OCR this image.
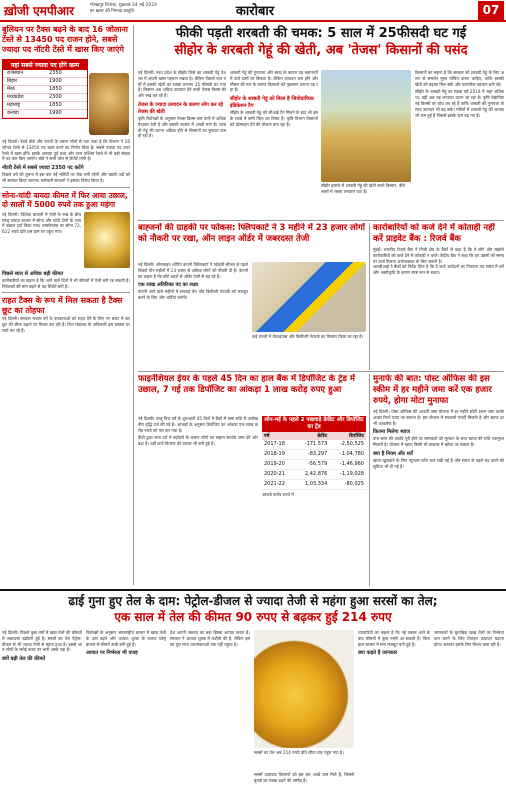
ख़ोजी एमपीआर	गोरखपुर दिनांक, शुक्रवार 24 मई 2024
हर ख़बर की निष्पक्ष प्रस्तुति	कारोबार	07
बुलियन पर टैक्स बढ़ने के बाद 16 जोलाना टेंस्ते से 13450 पद राजन होने, सबसे ज्यादा पद नॉटरी टेंस्ते में खास किए जाएंगे
यहां सबसे ज्यादा पद होंगे खत्म
राजस्थान	2350
बिहार	1900
मेरठ	1850
मध्यप्रदेश	2300
महाराष्ट्र	1850
कनाडा	1990
नई दिल्ली। रेलवे बोर्ड और राज्यों के तमाम जोनों से पता चला है कि विभाग ने 16 जोनल रेलवे से 13450 पद खत्म करने का निर्णय लिया है। सबसे ज्यादा पद उत्तर रेलवे में खत्म होंगे। इसके अलावा पूर्व मध्य और उत्तर पश्चिम रेलवे में भी बड़ी संख्या में पद कम किए जाएंगे। बोर्ड ने सभी जोन से रिपोर्ट मांगी है।
नॉटरी टेंस्ते में सबसे ज्यादा 2350 पद कटेंगे
पिछले वर्ष की तुलना में इस बार नई भर्तियों पर रोक लगी रहेगी और खाली पदों को भी समाप्त किया जाएगा। कर्मचारी संगठनों ने इसका विरोध किया है।
सोना-चांदी वायदा कीमत में फिर आया उछाल, दो सालों में 5000 रुपये तक हुआ महंगा
नई दिल्ली। वैश्विक बाजारों में तेजी के रुख के बीच घरेलू वायदा बाजार में सोना और चांदी दोनों के भाव में उछाल दर्ज किया गया। एमसीएक्स पर सोना 72,622 रुपये प्रति दस ग्राम पर पहुंच गया।
पिछले साल से अधिक बढ़ी कीमत
कारोबारियों का कहना है कि आने वाले दिनों में भी कीमतों में तेजी बनी रह सकती है। निवेशकों की मांग बढ़ने से यह स्थिति बनी है।
राहत टैक्स के रूप में मिल सकता है टैक्स छूट का तोहफा
नई दिल्ली। सरकार मध्यम वर्ग के करदाताओं को राहत देने के लिए नए बजट में कर छूट की सीमा बढ़ाने पर विचार कर रही है। वित्त मंत्रालय के अधिकारी इस प्रस्ताव पर चर्चा कर रहे हैं।
फीकी पड़ती शरबती की चमक: 5 साल में 25फीसदी घट गई
सीहोर के शरबती गेहूं की खेती, अब 'तेजस' किसानों की पसंद
नई दिल्ली। मध्य प्रदेश के सीहोर जिले का शरबती गेहूं देश भर में अपनी खास पहचान रखता है। लेकिन पिछले पांच वर्षों में इसकी खेती का रकबा लगभग 25 फीसदी घट गया है। किसान अब अधिक उत्पादन देने वाली तेजस किस्म की ओर रुख कर रहे हैं।
तेजस के ज्यादा उत्पादन के कारण लोग कर रहे तेजस की खेती
कृषि विशेषज्ञों के अनुसार तेजस किस्म कम पानी में अधिक पैदावार देती है और इसकी बाजार में अच्छी मांग है। शरबती गेहूं की लागत अधिक होने से किसानों का मुनाफा कम हो रहा है।
शरबती गेहूं की गुणवत्ता और स्वाद के कारण यह महानगरों में ऊंचे दामों पर बिकता है। लेकिन उत्पादन कम होने और मौसम की मार के कारण किसानों को नुकसान उठाना पड़ रहा है।
सीहोर के शरबती गेहूं को मिला है जियोग्राफिक इंडिकेशन टैग
सीहोर के शरबती गेहूं को जीआई टैग मिलने के बाद भी इसके रकबे में कमी चिंता का विषय है। कृषि विभाग किसानों को प्रोत्साहन देने की योजना बना रहा है।
सीहोर इलाके में शरबती गेहूं की खेती करते किसान, बीते सालों में रकबा लगातार घटा है।
किसानों का कहना है कि सरकार को शरबती गेहूं के लिए अलग से समर्थन मूल्य घोषित करना चाहिए, ताकि इसकी खेती को बढ़ावा मिल सके और पारंपरिक पहचान बनी रहे।
सीहोर के शरबती गेहूं का रकबा वर्ष 2019 में जहां अधिक था, वहीं अब यह लगातार घटता जा रहा है। कृषि वैज्ञानिक नई किस्मों पर शोध कर रहे हैं ताकि शरबती की गुणवत्ता के साथ उत्पादन भी बढ़ सके। मंडियों में शरबती गेहूं की आवक भी कम हुई है जिससे इसके दाम बढ़ गए हैं।
बाह्जनों की ग्राहकी पर फोकस: फ्लिपकार्ट ने 3 महीने में 23 हजार लोगों को नौकरी पर रखा, ऑन लाइन ऑर्डर में जबरदस्त तेजी
नई दिल्ली। ऑनलाइन शॉपिंग कंपनी फ्लिपकार्ट ने त्योहारी सीजन से पहले पिछले तीन महीनों में 23 हजार से अधिक लोगों को नौकरी दी है। कंपनी का कहना है कि छोटे शहरों से ऑर्डर तेजी से बढ़ रहे हैं।
एक लाख अतिरिक्त पद का लक्ष्य
कंपनी आने वाले महीनों में सप्लाई चेन और डिलीवरी नेटवर्क को मजबूत करने के लिए और भर्तियां करेगी।
कई राज्यों में वेयरहाउस और डिलीवरी नेटवर्क का विस्तार किया जा रहा है।
कारोबारियों को कर्ज देने में कोताही नहीं करें प्राइवेट बैंक : रिजर्व बैंक
मुंबई। भारतीय रिजर्व बैंक ने निजी क्षेत्र के बैंकों से कहा है कि वे छोटे और मझोले कारोबारियों को कर्ज देने में कोताही न बरतें। केंद्रीय बैंक ने कहा कि इन उद्यमों को समय पर कर्ज मिलना अर्थव्यवस्था के लिए जरूरी है।
आरबीआई ने बैंकों को निर्देश दिया है कि वे कर्ज आवेदनों का निपटारा तय समय में करें और अस्वीकृति के कारण स्पष्ट रूप से बताएं।
फाइनेंशियल ईयर के पहले 45 दिन का हाल बैंक में डिपॉजिट के ट्रेड में उछाल, 7 गई तक डिपॉजिट का आंकड़ा 1 लाख करोड़ रुपए हुआ
नई दिल्ली। चालू वित्त वर्ष के शुरुआती 45 दिनों में बैंकों में जमा राशि में उल्लेखनीय वृद्धि दर्ज की गई है। आंकड़ों के अनुसार डिपॉजिट का आंकड़ा एक लाख करोड़ रुपये को पार कर गया है।
बैंकों द्वारा जमा दरों में बढ़ोतरी के कारण लोगों का रुझान सावधि जमा की ओर बढ़ा है। वहीं कर्ज वितरण की रफ्तार भी बनी हुई है।
लोन-मई के पहले 2 पखवाड़े क्रेडिट और डिपॉजिट का ट्रेंड
वर्ष	क्रेडिट	डिपॉजिट
2017-18	-171,573	-2,50,525
2018-19	-83,297	-1,04,780
2019-20	-56,579	-1,46,960
2020-21	2,42,876	-1,19,028
2021-22	1,03,334	-80,025
आंकड़े करोड़ रुपये में
मुनाफे की बात: पोस्ट ऑफिस की इस स्कीम में हर महीने जमा करें एक हजार रुपये, होगा मोटा मुनाफा
नई दिल्ली। पोस्ट ऑफिस की आवर्ती जमा योजना में हर महीने छोटी रकम जमा करके अच्छा रिटर्न पाया जा सकता है। इस योजना में सरकारी गारंटी मिलती है और ब्याज दर भी आकर्षक है।
कितना मिलेगा ब्याज
पांच साल की अवधि पूरी होने पर जमाकर्ता को मूलधन के साथ ब्याज की राशि एकमुश्त मिलती है। योजना में खाता किसी भी डाकघर में खोला जा सकता है।
क्या है नियम और शर्तें
खाता खुलवाने के लिए न्यूनतम राशि कम रखी गई है और समय से पहले बंद करने की सुविधा भी दी गई है।
ढाई गुना हुए तेल के दाम: पेट्रोल-डीजल से ज्यादा तेजी से महंगा हुआ सरसों का तेल;
एक साल में तेल की कीमत 90 रुपए से बढ़कर हुई 214 रुपए
नई दिल्ली। पिछले कुछ वर्षों में खाद्य तेलों की कीमतों में जबरदस्त बढ़ोतरी हुई है। सरसों का तेल पेट्रोल-डीजल से भी ज्यादा तेजी से महंगा हुआ है। इससे आम लोगों के रसोई बजट पर भारी असर पड़ा है।
क्यों बढ़ी तेल की कीमतें
विशेषज्ञों के अनुसार अंतरराष्ट्रीय बाजार में खाद्य तेलों के दाम बढ़ने और आयात शुल्क के कारण घरेलू बाजार में कीमतें ऊंची बनी हुई हैं।
आयात पर निर्भरता भी वजह
देश अपनी जरूरत का बड़ा हिस्सा आयात करता है। सरकार ने आयात शुल्क में कटौती की है, लेकिन इसका पूरा लाभ उपभोक्ताओं तक नहीं पहुंचा है।
सरसों का तेल अब 214 रुपये प्रति लीटर तक पहुंच गया है।
सरसों उत्पादक किसानों को इस बार अच्छे दाम मिले हैं, जिससे बुवाई का रकबा बढ़ने की उम्मीद है।
व्यापारियों का कहना है कि नई फसल आने के बाद कीमतों में कुछ नरमी आ सकती है। फिलहाल बाजार में मांग मजबूत बनी हुई है।
क्या कहते हैं जानकार
जानकारों के मुताबिक खाद्य तेलों पर निर्भरता कम करने के लिए तिलहन उत्पादन बढ़ाना होगा। सरकार इसके लिए मिशन चला रही है।
